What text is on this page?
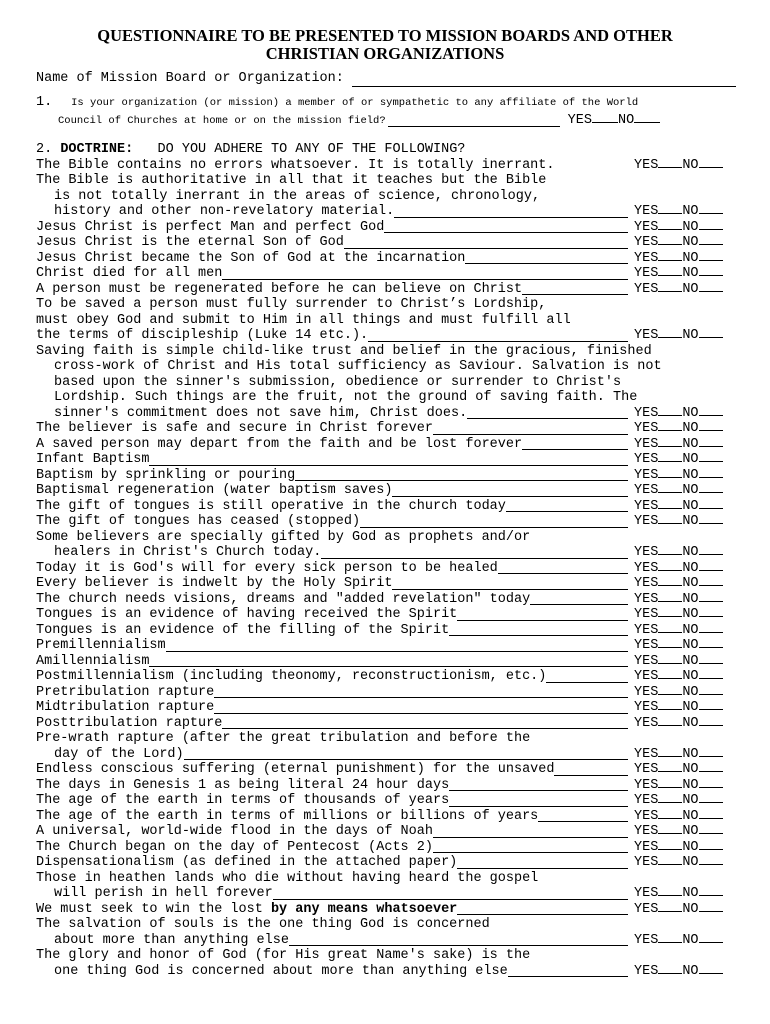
QUESTIONNAIRE TO BE PRESENTED TO MISSION BOARDS AND OTHER
CHRISTIAN ORGANIZATIONS
Name of Mission Board or Organization:
1. Is your organization (or mission) a member of or sympathetic to any affiliate of the World
Council of Churches at home or on the mission field?	YES NO
2.
DOCTRINE:
DO YOU ADHERE TO ANY OF THE FOLLOWING?
The Bible contains no errors whatsoever. It is totally inerrant.	YES NO
The Bible is authoritative in all that it teaches but the Bible
is not totally inerrant in the areas of science, chronology,
history and other non-revelatory material.	YES NO
Jesus Christ is perfect Man and perfect God	YES NO
Jesus Christ is the eternal Son of God	YES NO
Jesus Christ became the Son of God at the incarnation	YES NO
Christ died for all men	YES NO
A person must be regenerated before he can believe on Christ	YES NO
To be saved a person must fully surrender to Christ’s Lordship,
must obey God and submit to Him in all things and must fulfill all
the terms of discipleship (Luke 14 etc.).	YES NO
Saving faith is simple child-like trust and belief in the gracious, finished
cross-work of Christ and His total sufficiency as Saviour. Salvation is not
based upon the sinner's submission, obedience or surrender to Christ's
Lordship. Such things are the fruit, not the ground of saving faith. The
sinner's commitment does not save him, Christ does.	YES NO
The believer is safe and secure in Christ forever	YES NO
A saved person may depart from the faith and be lost forever	YES NO
Infant Baptism	YES NO
Baptism by sprinkling or pouring	YES NO
Baptismal regeneration (water baptism saves)	YES NO
The gift of tongues is still operative in the church today	YES NO
The gift of tongues has ceased (stopped)	YES NO
Some believers are specially gifted by God as prophets and/or
healers in Christ's Church today.	YES NO
Today it is God's will for every sick person to be healed	YES NO
Every believer is indwelt by the Holy Spirit	YES NO
The church needs visions, dreams and "added revelation" today	YES NO
Tongues is an evidence of having received the Spirit	YES NO
Tongues is an evidence of the filling of the Spirit	YES NO
Premillennialism	YES NO
Amillennialism	YES NO
Postmillennialism (including theonomy, reconstructionism, etc.)	YES NO
Pretribulation rapture	YES NO
Midtribulation rapture	YES NO
Posttribulation rapture	YES NO
Pre-wrath rapture (after the great tribulation and before the
day of the Lord)	YES NO
Endless conscious suffering (eternal punishment) for the unsaved	YES NO
The days in Genesis 1 as being literal 24 hour days	YES NO
The age of the earth in terms of thousands of years	YES NO
The age of the earth in terms of millions or billions of years	YES NO
A universal, world-wide flood in the days of Noah	YES NO
The Church began on the day of Pentecost (Acts 2)	YES NO
Dispensationalism (as defined in the attached paper)	YES NO
Those in heathen lands who die without having heard the gospel
will perish in hell forever	YES NO
We must seek to win the lost by any means whatsoever	YES NO
The salvation of souls is the one thing God is concerned
about more than anything else	YES NO
The glory and honor of God (for His great Name's sake) is the
one thing God is concerned about more than anything else	YES NO
